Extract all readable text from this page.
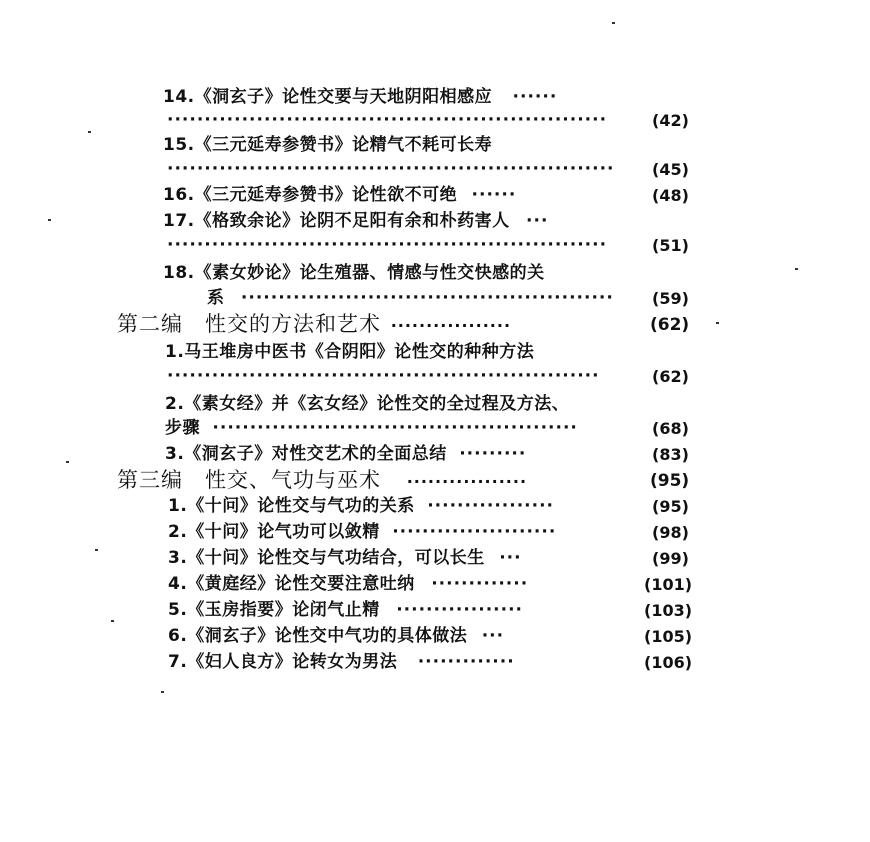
14.《洞玄子》论性交要与天地阴阳相感应 ······
···························································	(42)
15.《三元延寿参赞书》论精气不耗可长寿
···························································· (45)
16.《三元延寿参赞书》论性欲不可绝 ······	(48)
17.《格致余论》论阴不足阳有余和朴药害人 ···
···························································	(51)
18.《素女妙论》论生殖器、情感与性交快感的关
系 ·················································· (59)
第二编　性交的方法和艺术 ·················	(62)
1.马王堆房中医书《合阴阳》论性交的种种方法
··························································	(62)
2.《素女经》并《玄女经》论性交的全过程及方法、
步骤 ·················································	(68)
3.《洞玄子》对性交艺术的全面总结 ·········	(83)
第三编　性交、气功与巫术 ·················	(95)
1.《十问》论性交与气功的关系 ·················	(95)
2.《十问》论气功可以敛精 ······················	(98)
3.《十问》论性交与气功结合，可以长生 ···	(99)
4.《黄庭经》论性交要注意吐纳 ·············	(101)
5.《玉房指要》论闭气止精 ·················	(103)
6.《洞玄子》论性交中气功的具体做法 ···	(105)
7.《妇人良方》论转女为男法 ·············	(106)
